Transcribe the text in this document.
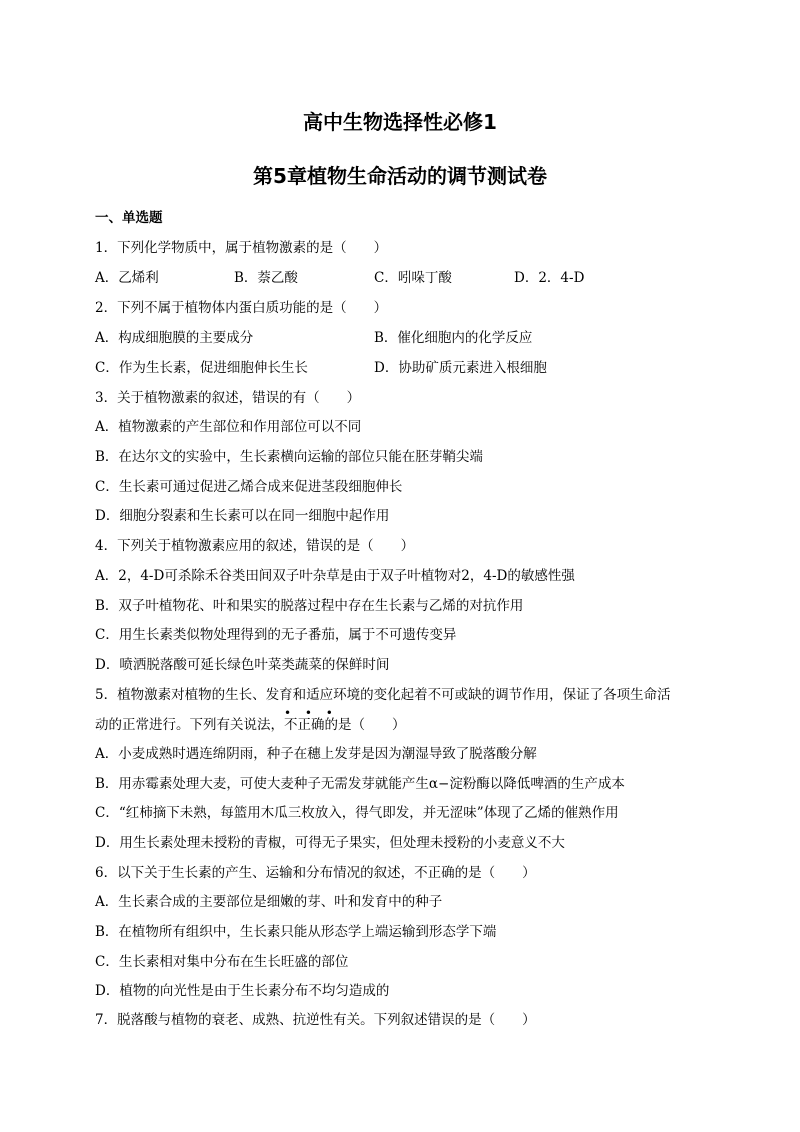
高中生物选择性必修1
第5章植物生命活动的调节测试卷
一、单选题
1．下列化学物质中，属于植物激素的是（　　）
A．乙烯利	B．萘乙酸	C．吲哚丁酸	D．2．4-D
2．下列不属于植物体内蛋白质功能的是（　　）
A．构成细胞膜的主要成分	B．催化细胞内的化学反应
C．作为生长素，促进细胞伸长生长	D．协助矿质元素进入根细胞
3．关于植物激素的叙述，错误的有（　　）
A．植物激素的产生部位和作用部位可以不同
B．在达尔文的实验中，生长素横向运输的部位只能在胚芽鞘尖端
C．生长素可通过促进乙烯合成来促进茎段细胞伸长
D．细胞分裂素和生长素可以在同一细胞中起作用
4．下列关于植物激素应用的叙述，错误的是（　　）
A．2，4-D可杀除禾谷类田间双子叶杂草是由于双子叶植物对2，4-D的敏感性强
B．双子叶植物花、叶和果实的脱落过程中存在生长素与乙烯的对抗作用
C．用生长素类似物处理得到的无子番茄，属于不可遗传变异
D．喷洒脱落酸可延长绿色叶菜类蔬菜的保鲜时间
5．植物激素对植物的生长、发育和适应环境的变化起着不可或缺的调节作用，保证了各项生命活
动的正常进行。下列有关说法，
• • •
不正确的是（　　）
A．小麦成熟时遇连绵阴雨，种子在穗上发芽是因为潮湿导致了脱落酸分解
B．用赤霉素处理大麦，可使大麦种子无需发芽就能产生α−淀粉酶以降低啤酒的生产成本
C．“红柿摘下未熟，每篮用木瓜三枚放入，得气即发，并无涩味”体现了乙烯的催熟作用
D．用生长素处理未授粉的青椒，可得无子果实，但处理未授粉的小麦意义不大
6．以下关于生长素的产生、运输和分布情况的叙述，不正确的是（　　）
A．生长素合成的主要部位是细嫩的芽、叶和发育中的种子
B．在植物所有组织中，生长素只能从形态学上端运输到形态学下端
C．生长素相对集中分布在生长旺盛的部位
D．植物的向光性是由于生长素分布不均匀造成的
7．脱落酸与植物的衰老、成熟、抗逆性有关。下列叙述错误的是（　　）
